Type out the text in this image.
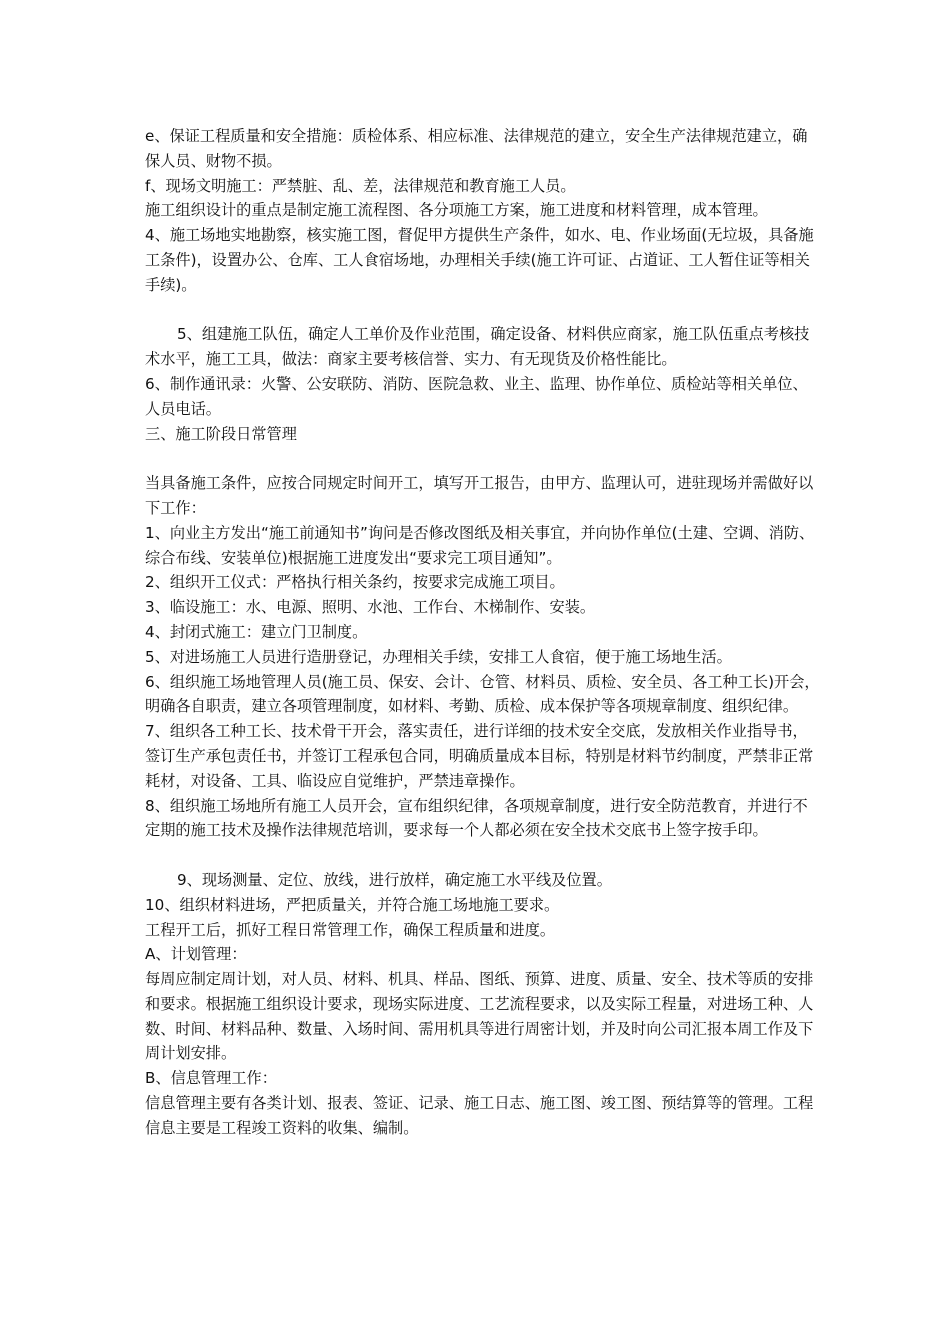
e、保证工程质量和安全措施：质检体系、相应标准、法律规范的建立，安全生产法律规范建立，确保人员、财物不损。

f、现场文明施工：严禁脏、乱、差，法律规范和教育施工人员。

施工组织设计的重点是制定施工流程图、各分项施工方案，施工进度和材料管理，成本管理。

4、施工场地实地勘察，核实施工图，督促甲方提供生产条件，如水、电、作业场面(无垃圾，具备施工条件)，设置办公、仓库、工人食宿场地，办理相关手续(施工许可证、占道证、工人暂住证等相关手续)。

5、组建施工队伍，确定人工单价及作业范围，确定设备、材料供应商家，施工队伍重点考核技术水平，施工工具，做法：商家主要考核信誉、实力、有无现货及价格性能比。

6、制作通讯录：火警、公安联防、消防、医院急救、业主、监理、协作单位、质检站等相关单位、人员电话。

三、施工阶段日常管理

当具备施工条件，应按合同规定时间开工，填写开工报告，由甲方、监理认可，进驻现场并需做好以下工作：

1、向业主方发出“施工前通知书”询问是否修改图纸及相关事宜，并向协作单位(土建、空调、消防、综合布线、安装单位)根据施工进度发出“要求完工项目通知”。

2、组织开工仪式：严格执行相关条约，按要求完成施工项目。

3、临设施工：水、电源、照明、水池、工作台、木梯制作、安装。

4、封闭式施工：建立门卫制度。

5、对进场施工人员进行造册登记，办理相关手续，安排工人食宿，便于施工场地生活。

6、组织施工场地管理人员(施工员、保安、会计、仓管、材料员、质检、安全员、各工种工长)开会，明确各自职责，建立各项管理制度，如材料、考勤、质检、成本保护等各项规章制度、组织纪律。

7、组织各工种工长、技术骨干开会，落实责任，进行详细的技术安全交底，发放相关作业指导书，签订生产承包责任书，并签订工程承包合同，明确质量成本目标，特别是材料节约制度，严禁非正常耗材，对设备、工具、临设应自觉维护，严禁违章操作。

8、组织施工场地所有施工人员开会，宣布组织纪律，各项规章制度，进行安全防范教育，并进行不定期的施工技术及操作法律规范培训，要求每一个人都必须在安全技术交底书上签字按手印。

9、现场测量、定位、放线，进行放样，确定施工水平线及位置。

10、组织材料进场，严把质量关，并符合施工场地施工要求。

工程开工后，抓好工程日常管理工作，确保工程质量和进度。

A、计划管理：

每周应制定周计划，对人员、材料、机具、样品、图纸、预算、进度、质量、安全、技术等质的安排和要求。根据施工组织设计要求，现场实际进度、工艺流程要求，以及实际工程量，对进场工种、人数、时间、材料品种、数量、入场时间、需用机具等进行周密计划，并及时向公司汇报本周工作及下周计划安排。

B、信息管理工作：

信息管理主要有各类计划、报表、签证、记录、施工日志、施工图、竣工图、预结算等的管理。工程信息主要是工程竣工资料的收集、编制。
